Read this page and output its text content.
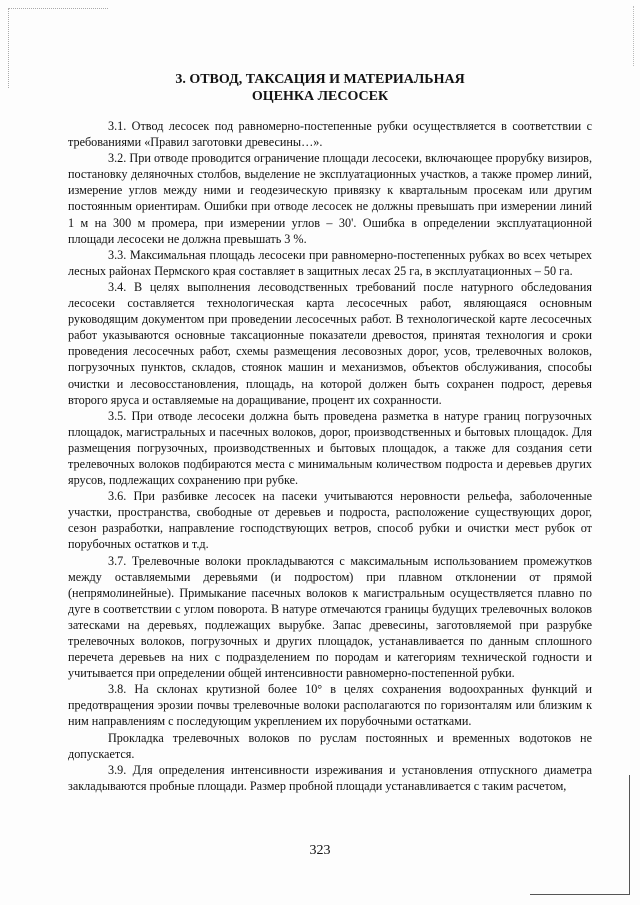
3. ОТВОД, ТАКСАЦИЯ И МАТЕРИАЛЬНАЯ
ОЦЕНКА ЛЕСОСЕК

3.1. Отвод лесосек под равномерно-постепенные рубки осуществляется в соответствии с требованиями «Правил заготовки древесины…».

3.2. При отводе проводится ограничение площади лесосеки, включающее прорубку визиров, постановку деляночных столбов, выделение не эксплуатационных участков, а также промер линий, измерение углов между ними и геодезическую привязку к квартальным просекам или другим постоянным ориентирам. Ошибки при отводе лесосек не должны превышать при измерении линий 1 м на 300 м промера, при измерении углов – 30'. Ошибка в определении эксплуатационной площади лесосеки не должна превышать 3 %.

3.3. Максимальная площадь лесосеки при равномерно-постепенных рубках во всех четырех лесных районах Пермского края составляет в защитных лесах 25 га, в эксплуатационных – 50 га.

3.4. В целях выполнения лесоводственных требований после натурного обследования лесосеки составляется технологическая карта лесосечных работ, являющаяся основным руководящим документом при проведении лесосечных работ. В технологической карте лесосечных работ указываются основные таксационные показатели древостоя, принятая технология и сроки проведения лесосечных работ, схемы размещения лесовозных дорог, усов, трелевочных волоков, погрузочных пунктов, складов, стоянок машин и механизмов, объектов обслуживания, способы очистки и лесовосстановления, площадь, на которой должен быть сохранен подрост, деревья второго яруса и оставляемые на доращивание, процент их сохранности.

3.5. При отводе лесосеки должна быть проведена разметка в натуре границ погрузочных площадок, магистральных и пасечных волоков, дорог, производственных и бытовых площадок. Для размещения погрузочных, производственных и бытовых площадок, а также для создания сети трелевочных волоков подбираются места с минимальным количеством подроста и деревьев других ярусов, подлежащих сохранению при рубке.

3.6. При разбивке лесосек на пасеки учитываются неровности рельефа, заболоченные участки, пространства, свободные от деревьев и подроста, расположение существующих дорог, сезон разработки, направление господствующих ветров, способ рубки и очистки мест рубок от порубочных остатков и т.д.

3.7. Трелевочные волоки прокладываются с максимальным использованием промежутков между оставляемыми деревьями (и подростом) при плавном отклонении от прямой (непрямолинейные). Примыкание пасечных волоков к магистральным осуществляется плавно по дуге в соответствии с углом поворота. В натуре отмечаются границы будущих трелевочных волоков затесками на деревьях, подлежащих вырубке. Запас древесины, заготовляемой при разрубке трелевочных волоков, погрузочных и других площадок, устанавливается по данным сплошного перечета деревьев на них с подразделением по породам и категориям технической годности и учитывается при определении общей интенсивности равномерно-постепенной рубки.

3.8. На склонах крутизной более 10° в целях сохранения водоохранных функций и предотвращения эрозии почвы трелевочные волоки располагаются по горизонталям или близким к ним направлениям с последующим укреплением их порубочными остатками.

Прокладка трелевочных волоков по руслам постоянных и временных водотоков не допускается.

3.9. Для определения интенсивности изреживания и установления отпускного диаметра закладываются пробные площади. Размер пробной площади устанавливается с таким расчетом,

323
